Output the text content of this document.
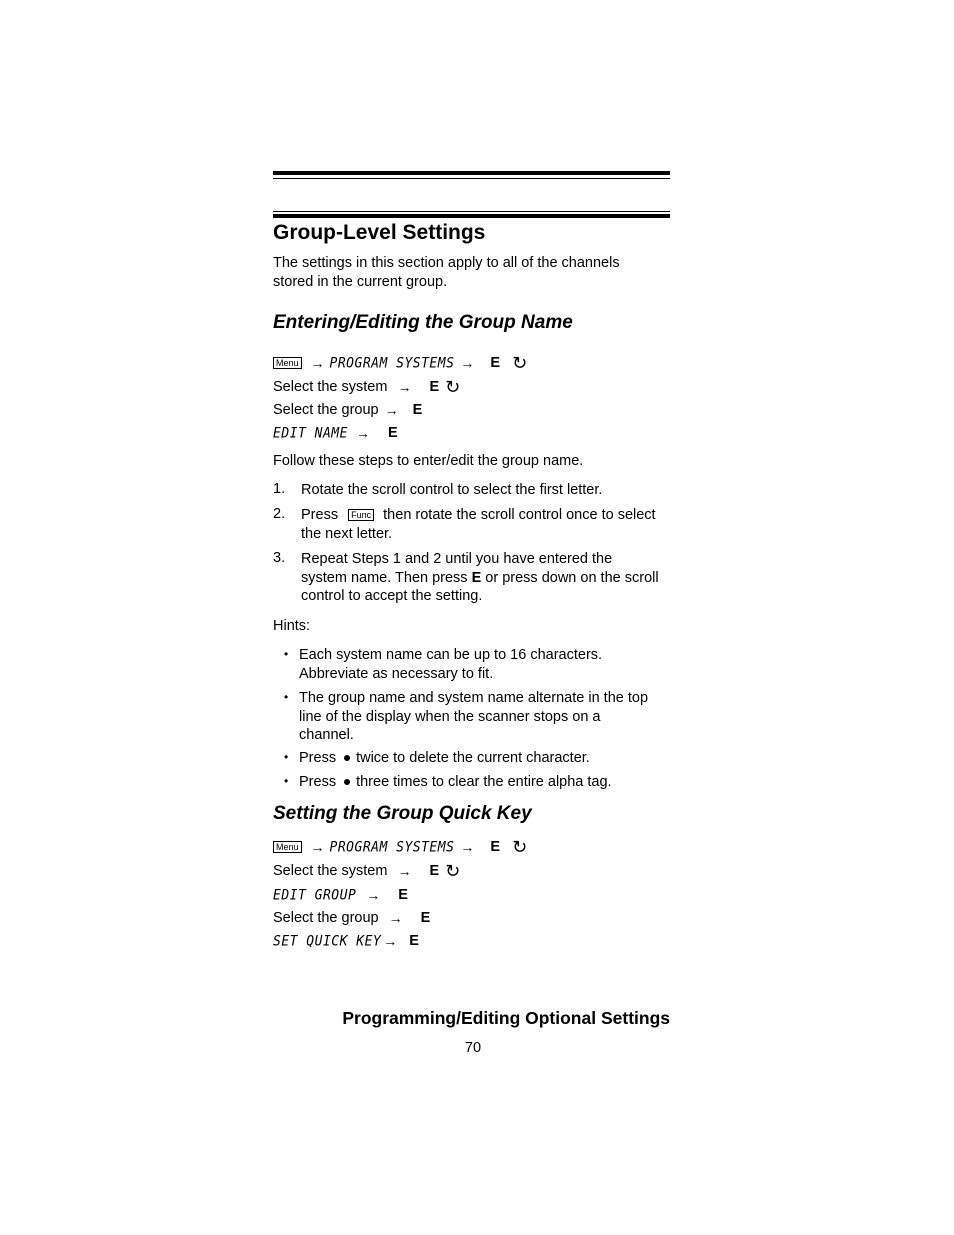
Group-Level Settings
The settings in this section apply to all of the channels stored in the current group.
Entering/Editing the Group Name
Menu → PROGRAM SYSTEMS → E ↻
Select the system → E ↻
Select the group → E
EDIT NAME → E
Follow these steps to enter/edit the group name.
1. Rotate the scroll control to select the first letter.
2. Press Func then rotate the scroll control once to select the next letter.
3. Repeat Steps 1 and 2 until you have entered the system name. Then press E or press down on the scroll control to accept the setting.
Hints:
• Each system name can be up to 16 characters. Abbreviate as necessary to fit.
• The group name and system name alternate in the top line of the display when the scanner stops on a channel.
• Press twice to delete the current character.
• Press three times to clear the entire alpha tag.
Setting the Group Quick Key
Menu → PROGRAM SYSTEMS → E ↻
Select the system → E ↻
EDIT GROUP → E
Select the group → E
SET QUICK KEY → E
Programming/Editing Optional Settings
70
